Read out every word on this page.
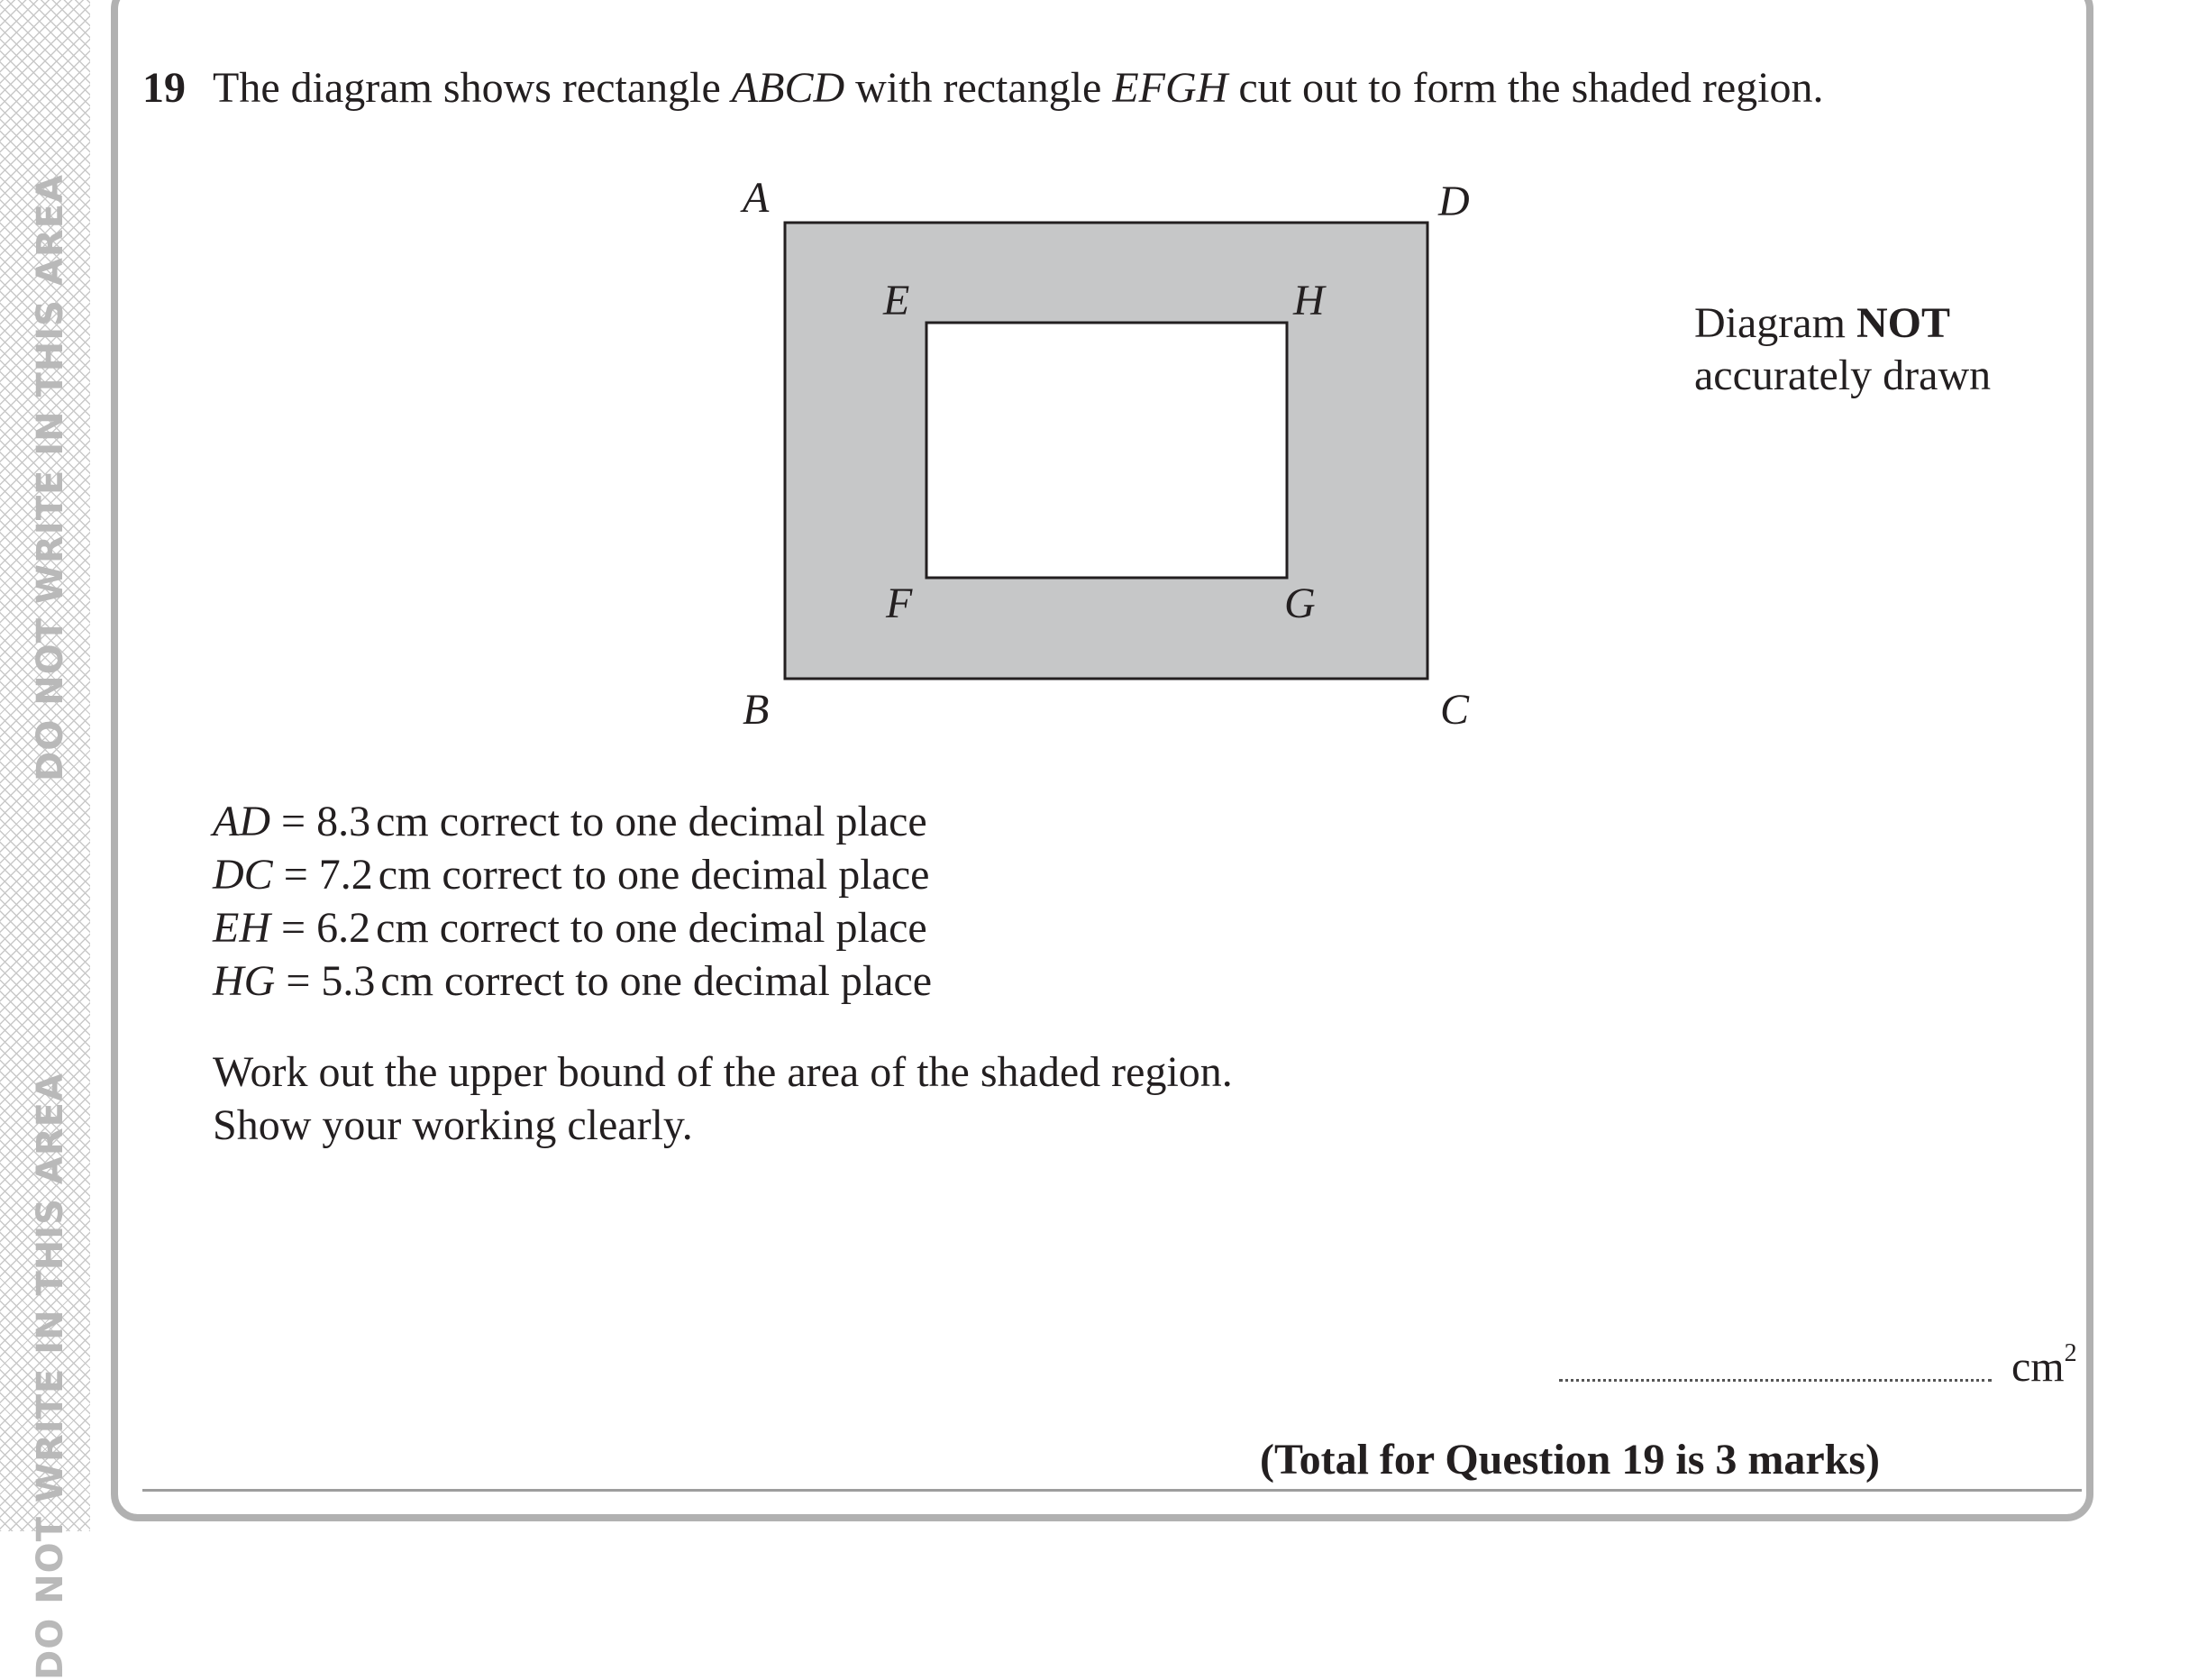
DO NOT WRITE IN THIS AREA
DO NOT WRITE IN THIS AREA
19 The diagram shows rectangle ABCD with rectangle EFGH cut out to form the shaded region.
A	D
B	C
E	H
F	G
Diagram NOT
accurately drawn
AD = 8.3 cm correct to one decimal place
DC = 7.2 cm correct to one decimal place
EH = 6.2 cm correct to one decimal place
HG = 5.3 cm correct to one decimal place
Work out the upper bound of the area of the shaded region.
Show your working clearly.
$cm^2$
(Total for Question 19 is 3 marks)
